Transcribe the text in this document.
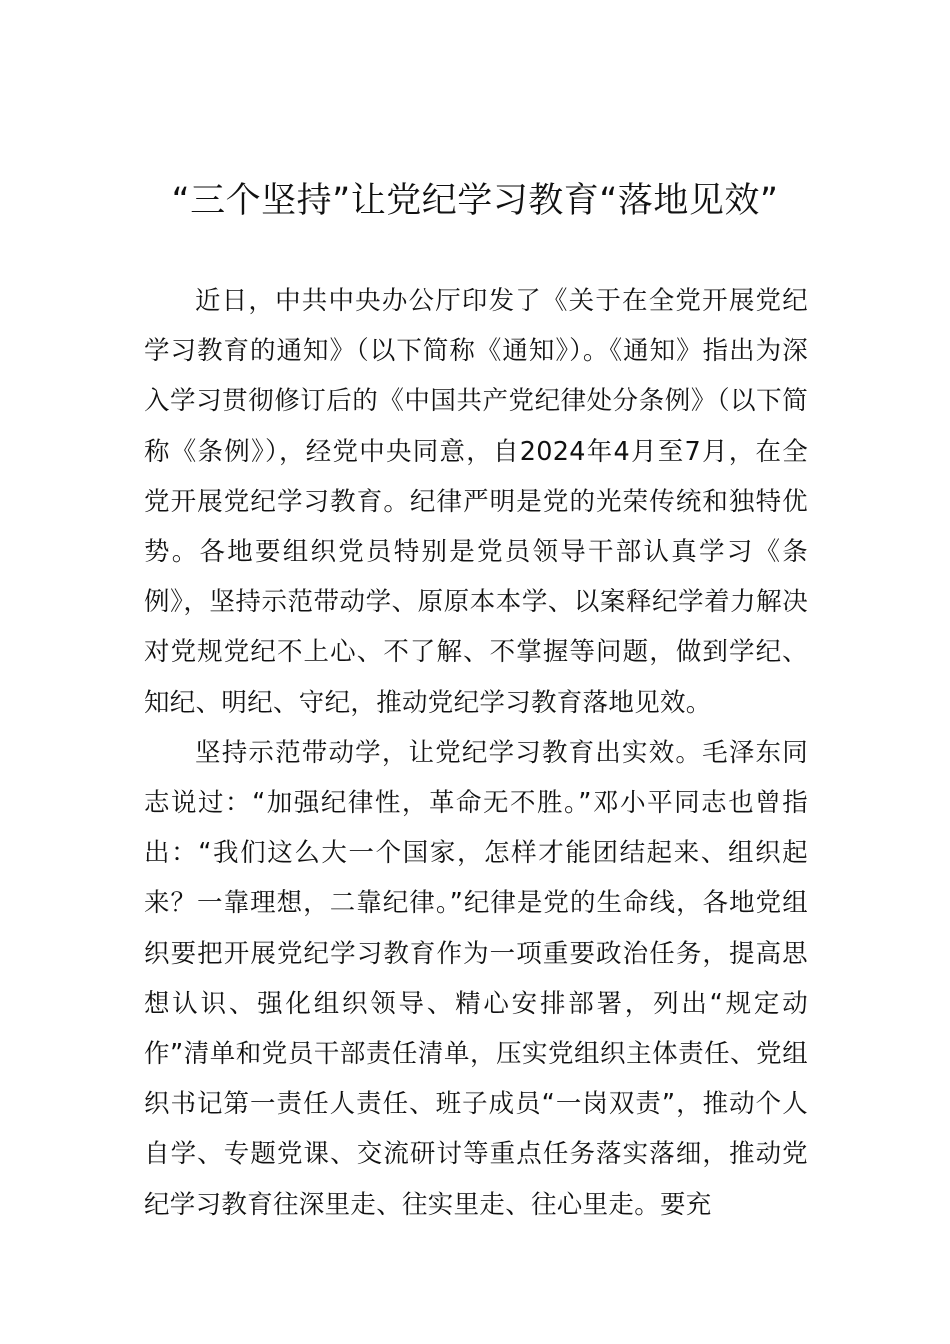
“三个坚持”让党纪学习教育“落地见效”

近日，中共中央办公厅印发了《关于在全党开展党纪学习教育的通知》（以下简称《通知》）。《通知》指出为深入学习贯彻修订后的《中国共产党纪律处分条例》（以下简称《条例》），经党中央同意，自2024年4月至7月，在全党开展党纪学习教育。纪律严明是党的光荣传统和独特优势。各地要组织党员特别是党员领导干部认真学习《条例》，坚持示范带动学、原原本本学、以案释纪学着力解决对党规党纪不上心、不了解、不掌握等问题，做到学纪、知纪、明纪、守纪，推动党纪学习教育落地见效。

坚持示范带动学，让党纪学习教育出实效。毛泽东同志说过：“加强纪律性，革命无不胜。”邓小平同志也曾指出：“我们这么大一个国家，怎样才能团结起来、组织起来？一靠理想，二靠纪律。”纪律是党的生命线，各地党组织要把开展党纪学习教育作为一项重要政治任务，提高思想认识、强化组织领导、精心安排部署，列出“规定动作”清单和党员干部责任清单，压实党组织主体责任、党组织书记第一责任人责任、班子成员“一岗双责”，推动个人自学、专题党课、交流研讨等重点任务落实落细，推动党纪学习教育往深里走、往实里走、往心里走。要充
